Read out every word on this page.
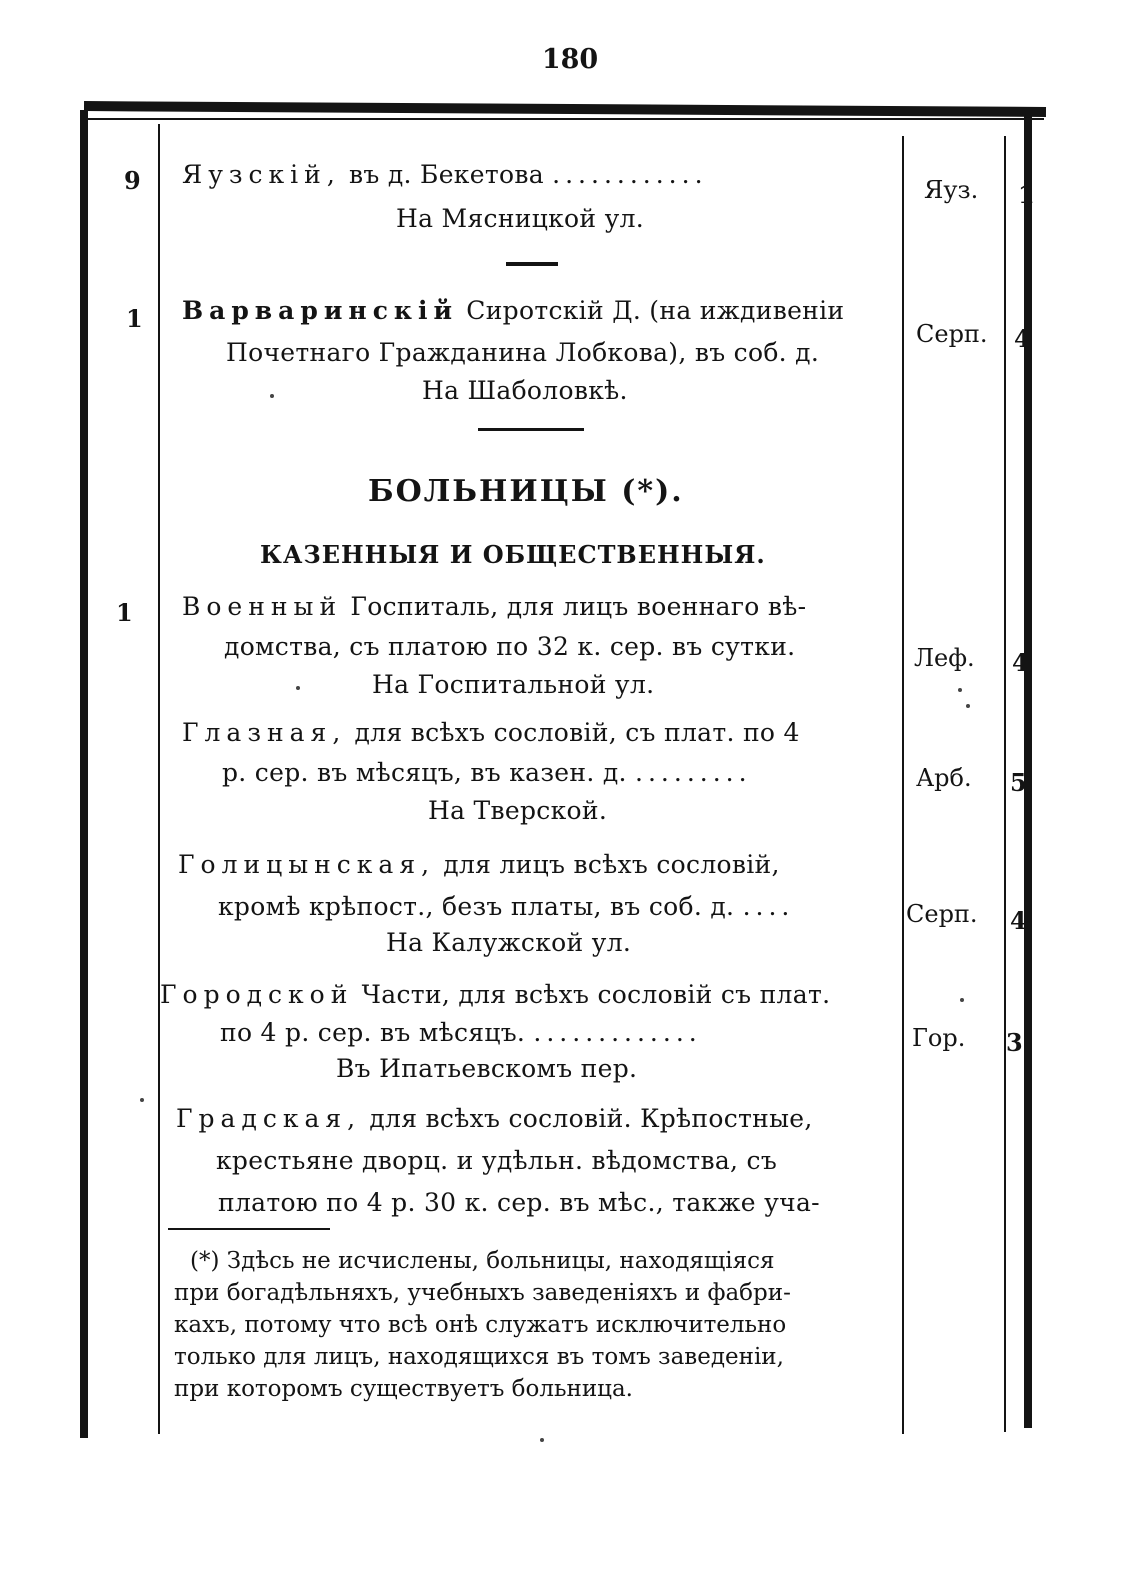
180
9 Яузскій, въ д. Бекетова ............
На Мясницкой ул.
Яуз. 1
1 Варваринскій Сиротскій Д. (на иждивеніи
Почетнаго Гражданина Лобкова), въ соб. д.
На Шаболовкѣ.
Серп. 4
БОЛЬНИЦЫ (*).
КАЗЕННЫЯ И ОБЩЕСТВЕННЫЯ.
1 Военный Госпиталь, для лицъ военнаго вѣ-
домства, съ платою по 32 к. сер. въ сутки.
На Госпитальной ул.
Леф. 4
Глазная, для всѣхъ сословій, съ плат. по 4
р. сер. въ мѣсяцъ, въ казен. д. .........
На Тверской.
Арб. 5
Голицынская, для лицъ всѣхъ сословій,
кромѣ крѣпост., безъ платы, въ соб. д. ....
На Калужской ул.
Серп. 4
Городской Части, для всѣхъ сословій съ плат.
по 4 р. сер. въ мѣсяцъ. .............
Въ Ипатьевскомъ пер.
Гор. 3
Градская, для всѣхъ сословій. Крѣпостные,
крестьяне дворц. и удѣльн. вѣдомства, съ
платою по 4 р. 30 к. сер. въ мѣс., также уча-
(*) Здѣсь не исчислены, больницы, находящіяся
при богадѣльняхъ, учебныхъ заведеніяхъ и фабри-
кахъ, потому что всѣ онѣ служатъ исключительно
только для лицъ, находящихся въ томъ заведеніи,
при которомъ существуетъ больница.
